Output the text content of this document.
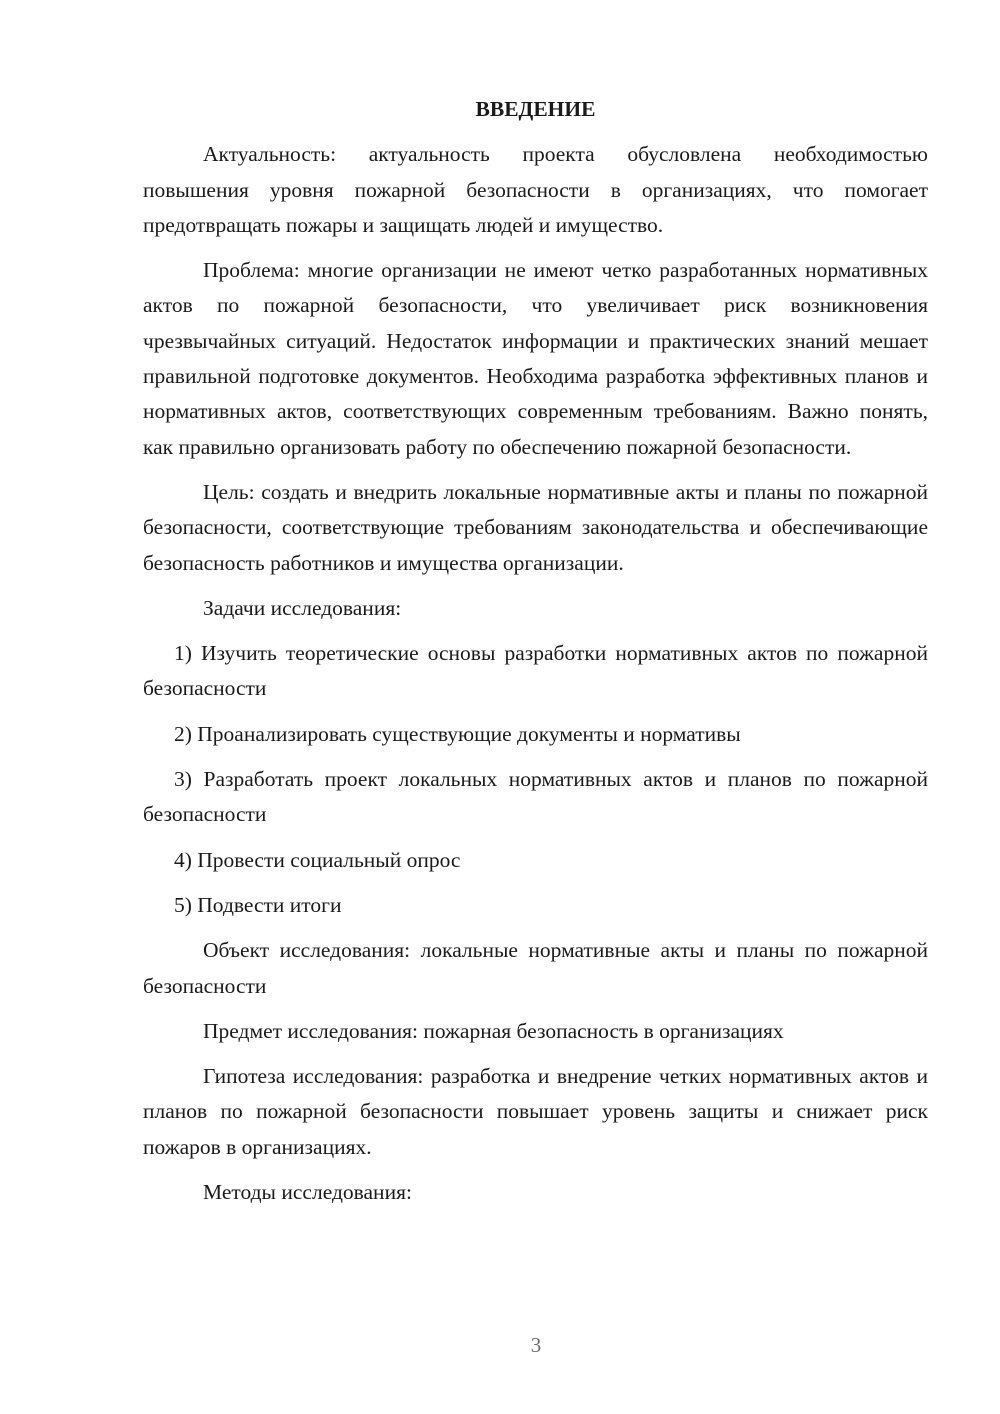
ВВЕДЕНИЕ

Актуальность: актуальность проекта обусловлена необходимостью повышения уровня пожарной безопасности в организациях, что помогает предотвращать пожары и защищать людей и имущество.

Проблема: многие организации не имеют четко разработанных нормативных актов по пожарной безопасности, что увеличивает риск возникновения чрезвычайных ситуаций. Недостаток информации и практических знаний мешает правильной подготовке документов. Необходима разработка эффективных планов и нормативных актов, соответствующих современным требованиям. Важно понять, как правильно организовать работу по обеспечению пожарной безопасности.

Цель: создать и внедрить локальные нормативные акты и планы по пожарной безопасности, соответствующие требованиям законодательства и обеспечивающие безопасность работников и имущества организации.

Задачи исследования:

1) Изучить теоретические основы разработки нормативных актов по пожарной безопасности

2) Проанализировать существующие документы и нормативы

3) Разработать проект локальных нормативных актов и планов по пожарной безопасности

4) Провести социальный опрос

5) Подвести итоги

Объект исследования: локальные нормативные акты и планы по пожарной безопасности

Предмет исследования: пожарная безопасность в организациях

Гипотеза исследования: разработка и внедрение четких нормативных актов и планов по пожарной безопасности повышает уровень защиты и снижает риск пожаров в организациях.

Методы исследования:

3
